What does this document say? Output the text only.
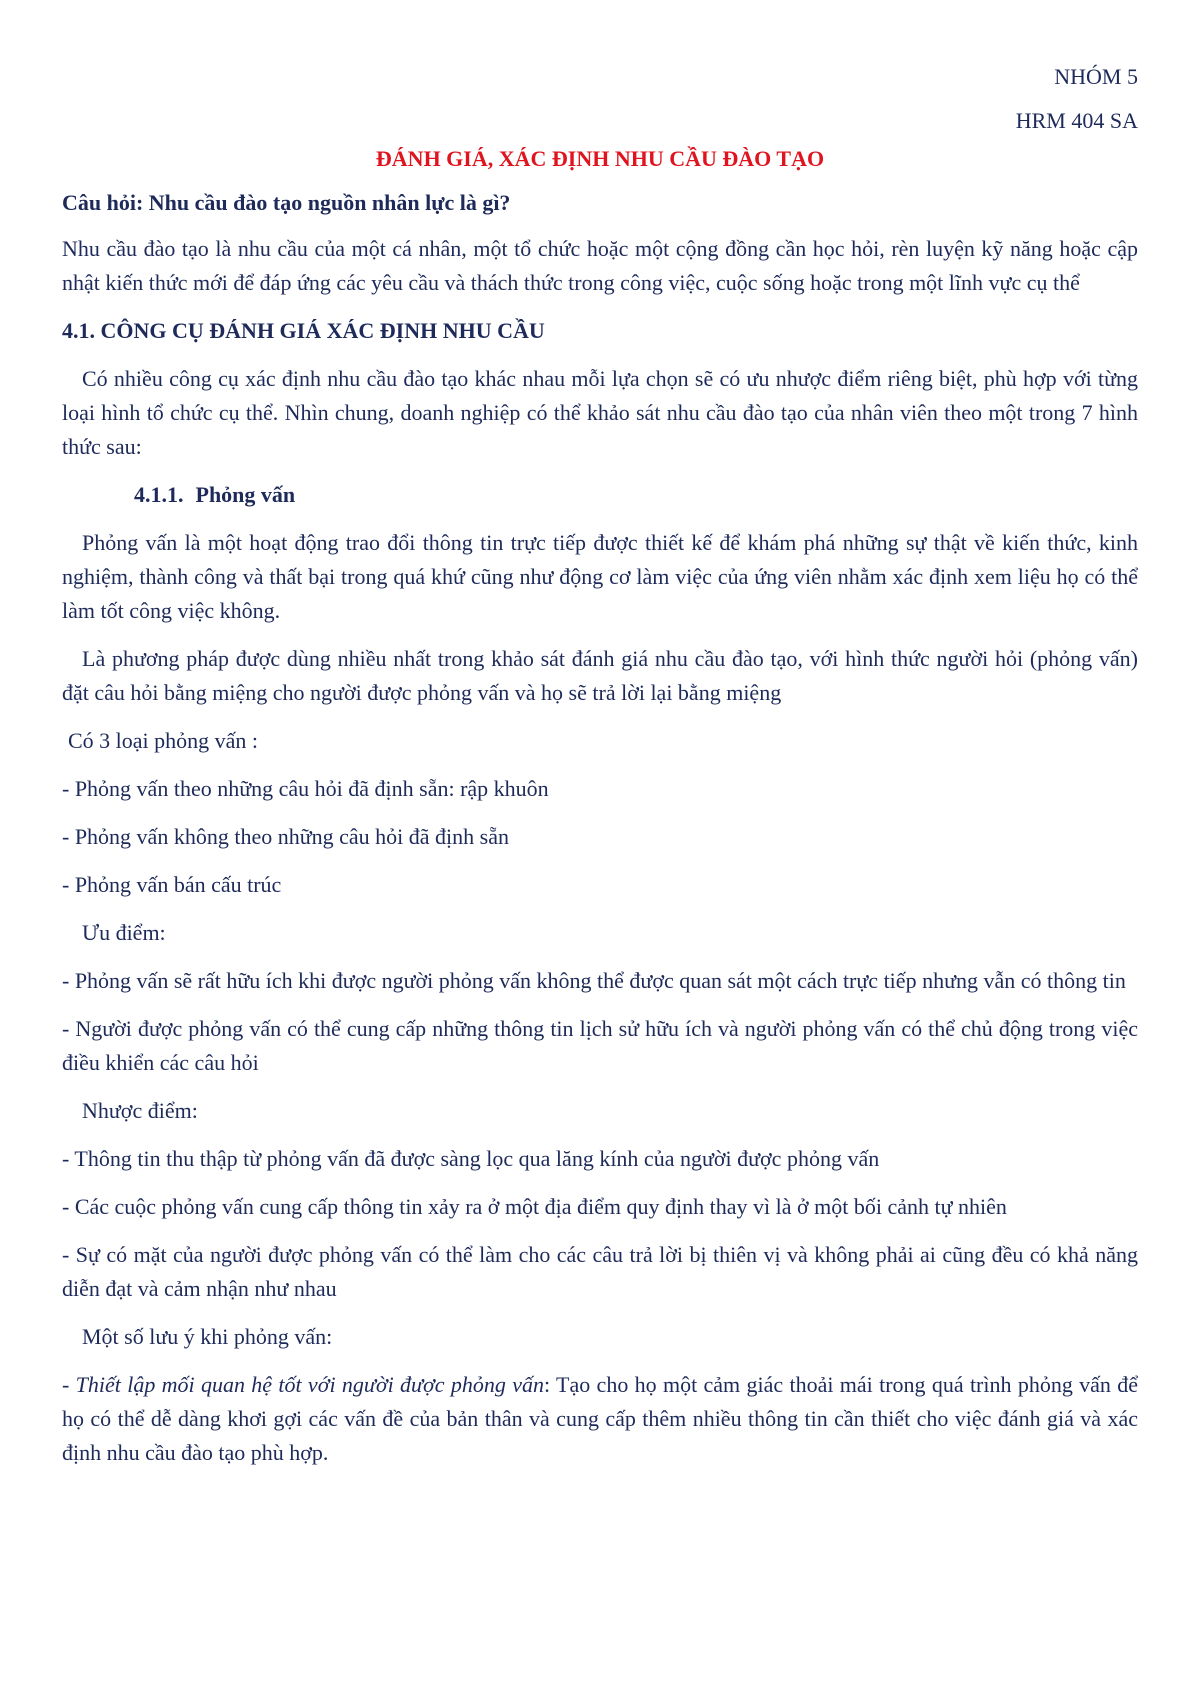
NHÓM 5

HRM 404 SA

ĐÁNH GIÁ, XÁC ĐỊNH NHU CẦU ĐÀO TẠO

Câu hỏi: Nhu cầu đào tạo nguồn nhân lực là gì?

Nhu cầu đào tạo là nhu cầu của một cá nhân, một tổ chức hoặc một cộng đồng cần học hỏi, rèn luyện kỹ năng hoặc cập nhật kiến thức mới để đáp ứng các yêu cầu và thách thức trong công việc, cuộc sống hoặc trong một lĩnh vực cụ thể

4.1. CÔNG CỤ ĐÁNH GIÁ XÁC ĐỊNH NHU CẦU

Có nhiều công cụ xác định nhu cầu đào tạo khác nhau mỗi lựa chọn sẽ có ưu nhược điểm riêng biệt, phù hợp với từng loại hình tổ chức cụ thể. Nhìn chung, doanh nghiệp có thể khảo sát nhu cầu đào tạo của nhân viên theo một trong 7 hình thức sau:

4.1.1. Phỏng vấn

Phỏng vấn là một hoạt động trao đổi thông tin trực tiếp được thiết kế để khám phá những sự thật về kiến thức, kinh nghiệm, thành công và thất bại trong quá khứ cũng như động cơ làm việc của ứng viên nhằm xác định xem liệu họ có thể làm tốt công việc không.

Là phương pháp được dùng nhiều nhất trong khảo sát đánh giá nhu cầu đào tạo, với hình thức người hỏi (phỏng vấn) đặt câu hỏi bằng miệng cho người được phỏng vấn và họ sẽ trả lời lại bằng miệng

Có 3 loại phỏng vấn :

- Phỏng vấn theo những câu hỏi đã định sẵn: rập khuôn

- Phỏng vấn không theo những câu hỏi đã định sẵn

- Phỏng vấn bán cấu trúc

Ưu điểm:

- Phỏng vấn sẽ rất hữu ích khi được người phỏng vấn không thể được quan sát một cách trực tiếp nhưng vẫn có thông tin

- Người được phỏng vấn có thể cung cấp những thông tin lịch sử hữu ích và người phỏng vấn có thể chủ động trong việc điều khiển các câu hỏi

Nhược điểm:

- Thông tin thu thập từ phỏng vấn đã được sàng lọc qua lăng kính của người được phỏng vấn

- Các cuộc phỏng vấn cung cấp thông tin xảy ra ở một địa điểm quy định thay vì là ở một bối cảnh tự nhiên

- Sự có mặt của người được phỏng vấn có thể làm cho các câu trả lời bị thiên vị và không phải ai cũng đều có khả năng diễn đạt và cảm nhận như nhau

Một số lưu ý khi phỏng vấn:

- Thiết lập mối quan hệ tốt với người được phỏng vấn: Tạo cho họ một cảm giác thoải mái trong quá trình phỏng vấn để họ có thể dễ dàng khơi gợi các vấn đề của bản thân và cung cấp thêm nhiều thông tin cần thiết cho việc đánh giá và xác định nhu cầu đào tạo phù hợp.
